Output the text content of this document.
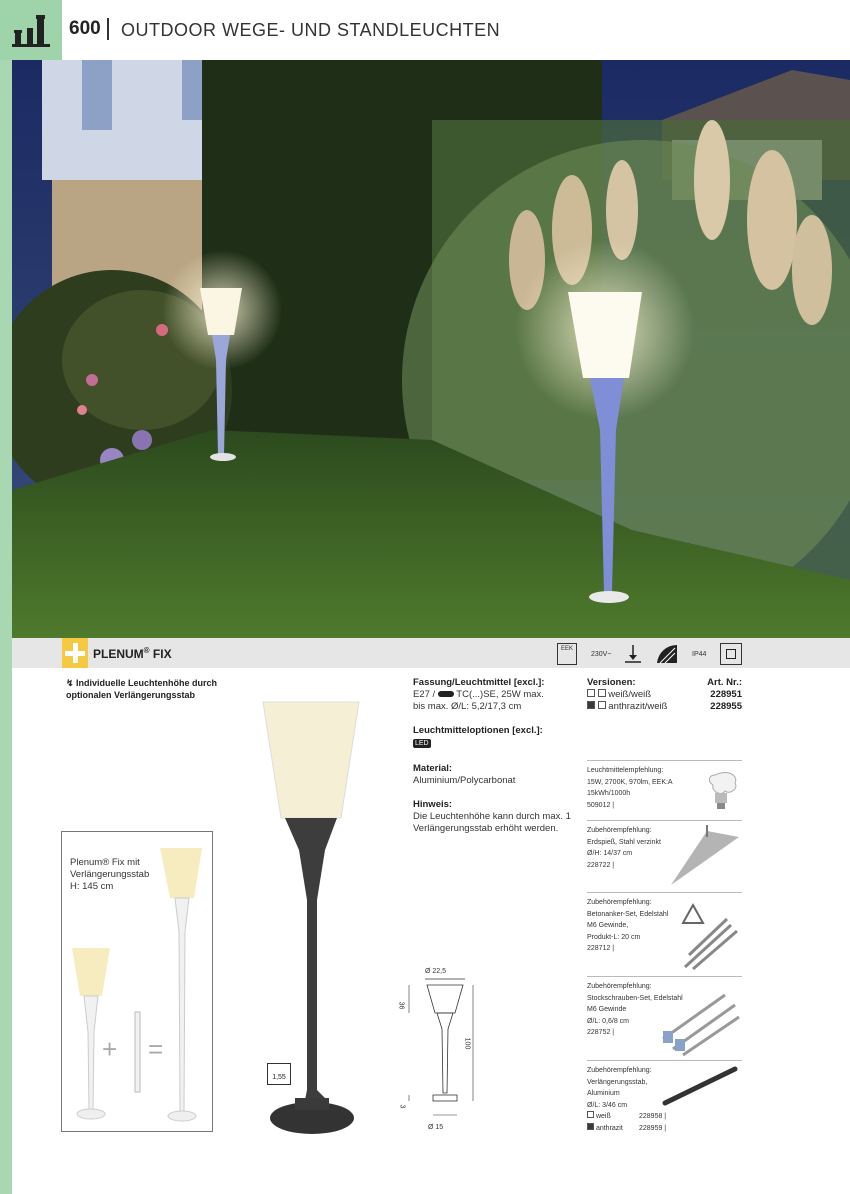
600 OUTDOOR WEGE- UND STANDLEUCHTEN
PLENUM® FIX	EEK
230V~	IP44
↯ Individuelle Leuchtenhöhe durch optionalen Verlängerungsstab
Fassung/Leuchtmittel [excl.]:
E27 /  TC(...)SE, 25W max.
bis max. Ø/L: 5,2/17,3 cm
Leuchtmitteloptionen [excl.]:
LED
Material:
Aluminium/Polycarbonat
Hinweis:
Die Leuchtenhöhe kann durch max. 1 Verlängerungsstab erhöht werden.
Versionen:	Art. Nr.:
weiß/weiß	228951
anthrazit/weiß	228955
Leuchtmittelempfehlung:
15W, 2700K, 970lm, EEK:A
15kWh/1000h
509012 |
Zubehörempfehlung:
Erdspieß, Stahl verzinkt
Ø/H: 14/37 cm
228722 |
Zubehörempfehlung:
Betonanker-Set, Edelstahl
M6 Gewinde,
Produkt-L: 20 cm
228712 |
Zubehörempfehlung:
Stockschrauben-Set, Edelstahl
M6 Gewinde
Ø/L: 0,6/8 cm
228752 |
Zubehörempfehlung:
Verlängerungsstab,
Aluminium
Ø/L: 3/46 cm
weiß	228958 |
anthrazit 228959 |
+ =
Plenum® Fix mit Verlängerungsstab H: 145 cm
1,55
Ø 22,5
36
100
3
Ø 15
